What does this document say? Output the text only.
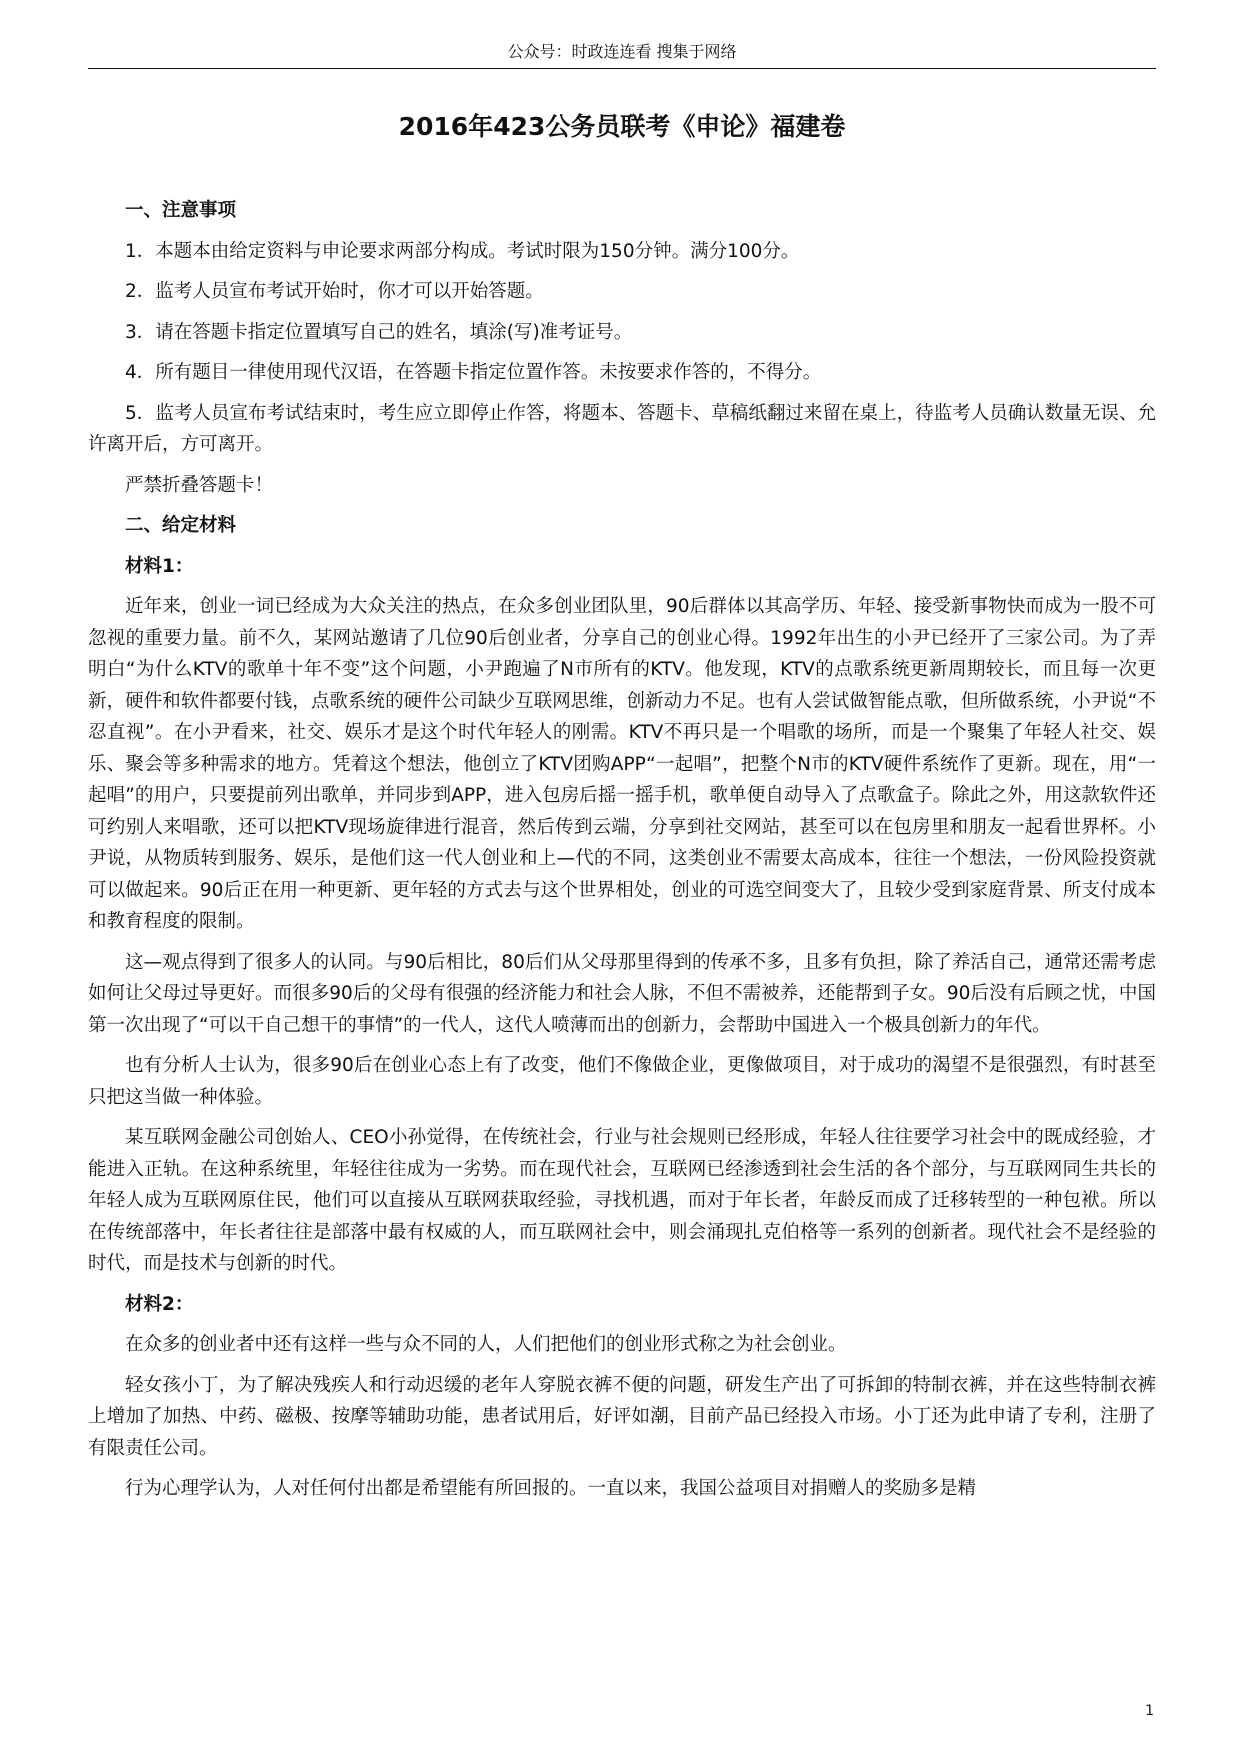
公众号：时政连连看 搜集于网络
2016年423公务员联考《申论》福建卷
一、注意事项

1．本题本由给定资料与申论要求两部分构成。考试时限为150分钟。满分100分。

2．监考人员宣布考试开始时，你才可以开始答题。

3．请在答题卡指定位置填写自己的姓名，填涂(写)准考证号。

4．所有题目一律使用现代汉语，在答题卡指定位置作答。未按要求作答的，不得分。

5．监考人员宣布考试结束时，考生应立即停止作答，将题本、答题卡、草稿纸翻过来留在桌上，待监考人员确认数量无误、允许离开后，方可离开。

严禁折叠答题卡！

二、给定材料
材料1：

近年来，创业一词已经成为大众关注的热点，在众多创业团队里，90后群体以其高学历、年轻、接受新事物快而成为一股不可忽视的重要力量。前不久，某网站邀请了几位90后创业者，分享自己的创业心得。1992年出生的小尹已经开了三家公司。为了弄明白“为什么KTV的歌单十年不变”这个问题，小尹跑遍了N市所有的KTV。他发现，KTV的点歌系统更新周期较长，而且每一次更新，硬件和软件都要付钱，点歌系统的硬件公司缺少互联网思维，创新动力不足。也有人尝试做智能点歌，但所做系统，小尹说“不忍直视”。在小尹看来，社交、娱乐才是这个时代年轻人的刚需。KTV不再只是一个唱歌的场所，而是一个聚集了年轻人社交、娱乐、聚会等多种需求的地方。凭着这个想法，他创立了KTV团购APP“一起唱”，把整个N市的KTV硬件系统作了更新。现在，用“一起唱”的用户，只要提前列出歌单，并同步到APP，进入包房后摇一摇手机，歌单便自动导入了点歌盒子。除此之外，用这款软件还可约别人来唱歌，还可以把KTV现场旋律进行混音，然后传到云端，分享到社交网站，甚至可以在包房里和朋友一起看世界杯。小尹说，从物质转到服务、娱乐，是他们这一代人创业和上—代的不同，这类创业不需要太高成本，往往一个想法，一份风险投资就可以做起来。90后正在用一种更新、更年轻的方式去与这个世界相处，创业的可选空间变大了，且较少受到家庭背景、所支付成本和教育程度的限制。

这—观点得到了很多人的认同。与90后相比，80后们从父母那里得到的传承不多，且多有负担，除了养活自己，通常还需考虑如何让父母过导更好。而很多90后的父母有很强的经济能力和社会人脉，不但不需被养，还能帮到子女。90后没有后顾之忧，中国第一次出现了“可以干自己想干的事情”的一代人，这代人喷薄而出的创新力，会帮助中国进入一个极具创新力的年代。

也有分析人士认为，很多90后在创业心态上有了改变，他们不像做企业，更像做项目，对于成功的渴望不是很强烈，有时甚至只把这当做一种体验。

某互联网金融公司创始人、CEO小孙觉得，在传统社会，行业与社会规则已经形成，年轻人往往要学习社会中的既成经验，才能进入正轨。在这种系统里，年轻往往成为一劣势。而在现代社会，互联网已经渗透到社会生活的各个部分，与互联网同生共长的年轻人成为互联网原住民，他们可以直接从互联网获取经验，寻找机遇，而对于年长者，年龄反而成了迁移转型的一种包袱。所以在传统部落中，年长者往往是部落中最有权威的人，而互联网社会中，则会涌现扎克伯格等一系列的创新者。现代社会不是经验的时代，而是技术与创新的时代。

材料2：

在众多的创业者中还有这样一些与众不同的人，人们把他们的创业形式称之为社会创业。

轻女孩小丁，为了解决残疾人和行动迟缓的老年人穿脱衣裤不便的问题，研发生产出了可拆卸的特制衣裤，并在这些特制衣裤上增加了加热、中药、磁极、按摩等辅助功能，患者试用后，好评如潮，目前产品已经投入市场。小丁还为此申请了专利，注册了有限责任公司。

行为心理学认为，人对任何付出都是希望能有所回报的。一直以来，我国公益项目对捐赠人的奖励多是精

1
